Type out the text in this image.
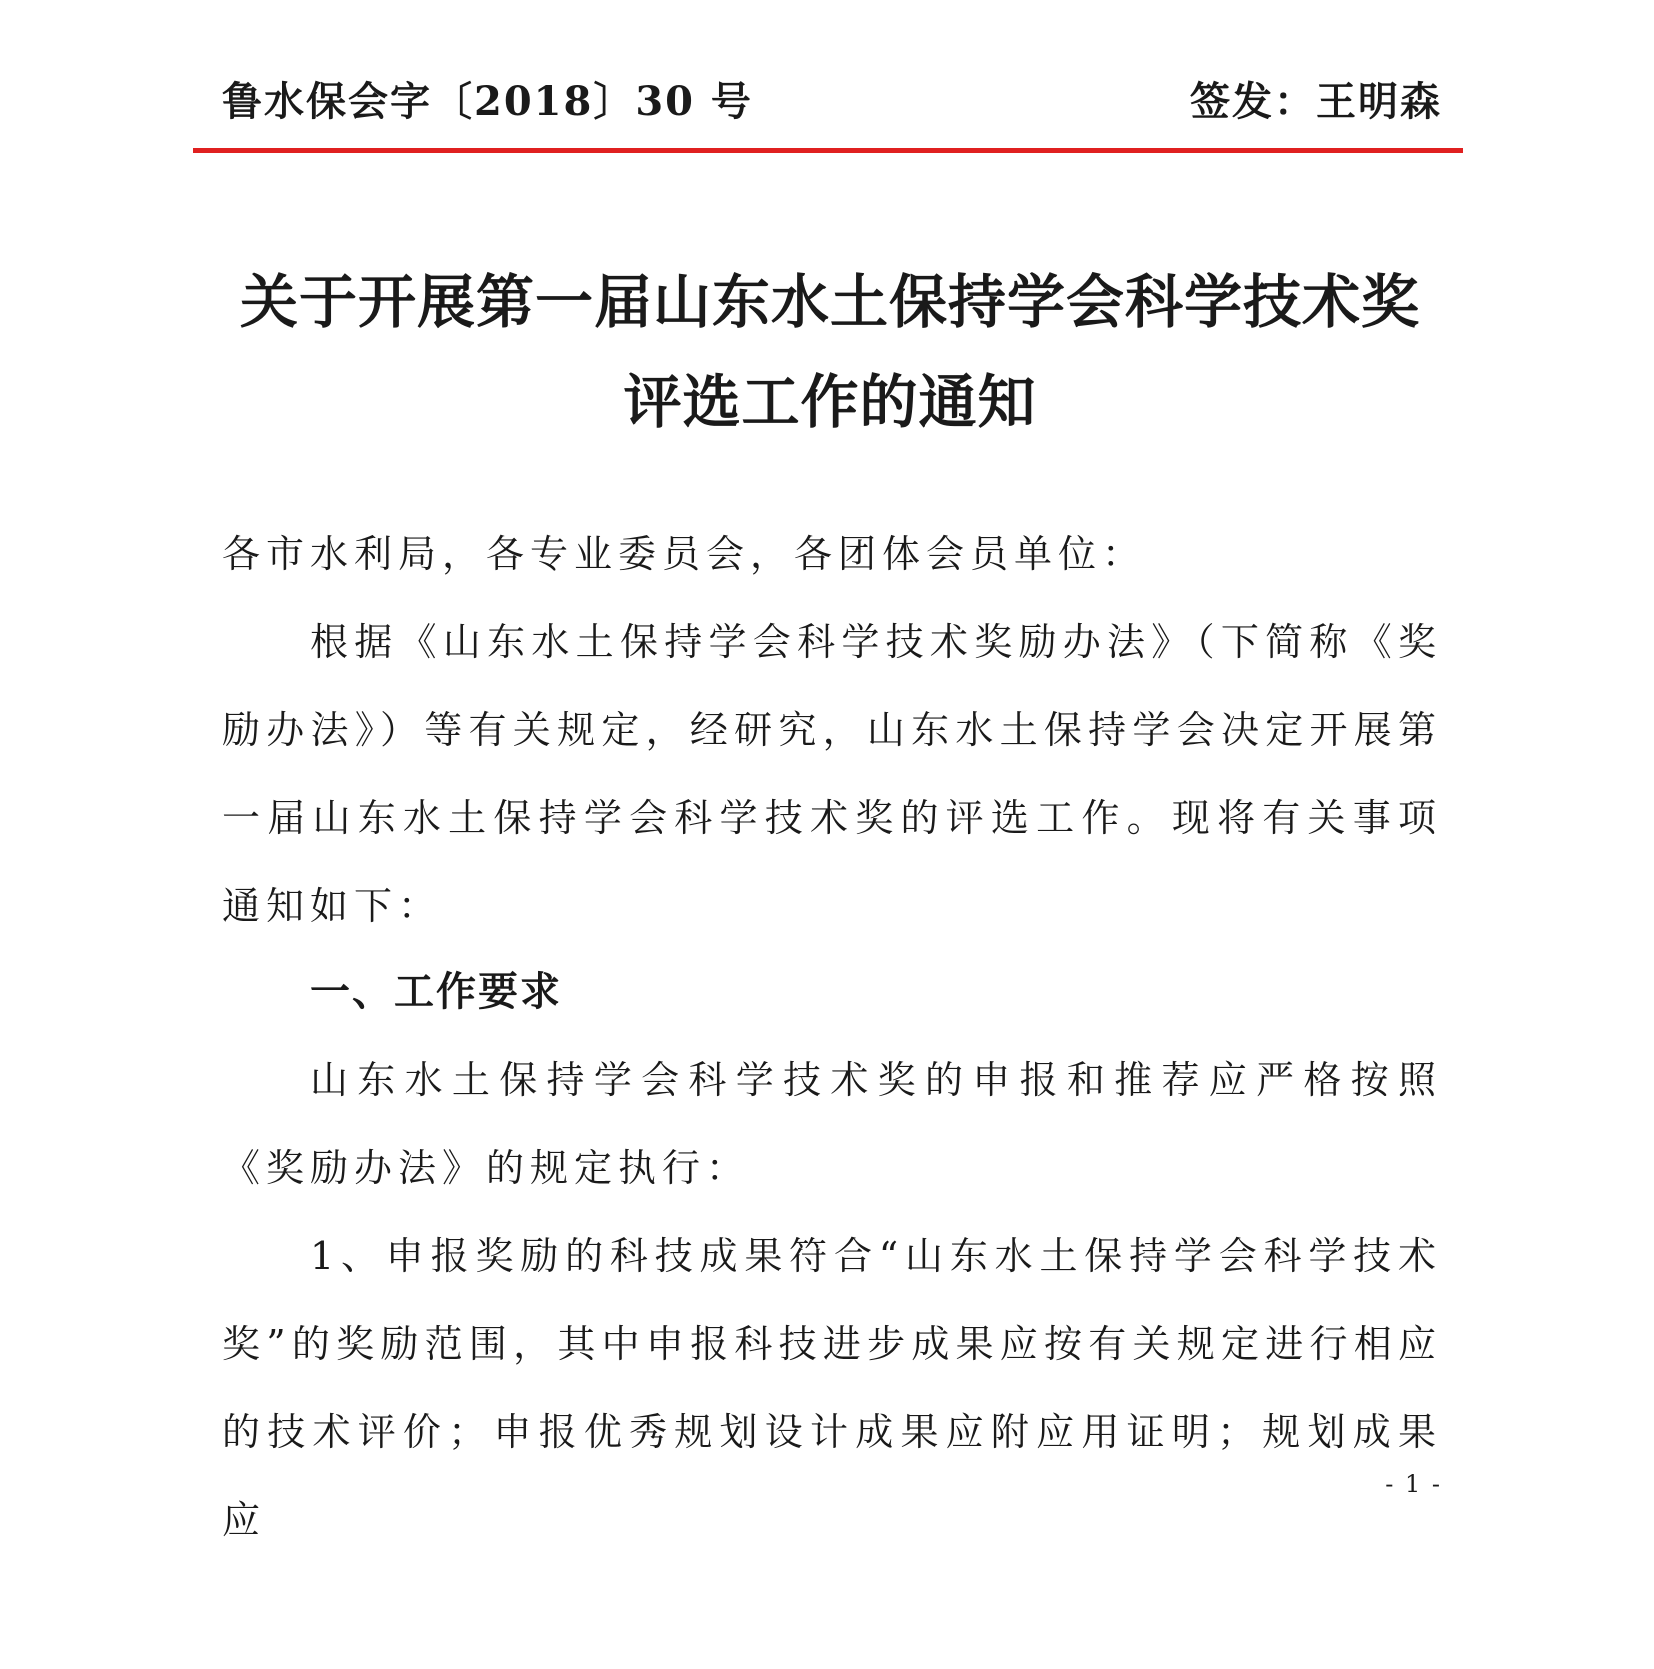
鲁水保会字〔2018〕30 号	签发：王明森
关于开展第一届山东水土保持学会科学技术奖
评选工作的通知
各市水利局，各专业委员会，各团体会员单位：
根据《山东水土保持学会科学技术奖励办法》（下简称《奖励办法》）等有关规定，经研究，山东水土保持学会决定开展第一届山东水土保持学会科学技术奖的评选工作。现将有关事项通知如下：
一、工作要求
山东水土保持学会科学技术奖的申报和推荐应严格按照《奖励办法》的规定执行：
1、申报奖励的科技成果符合“山东水土保持学会科学技术奖”的奖励范围，其中申报科技进步成果应按有关规定进行相应的技术评价；申报优秀规划设计成果应附应用证明；规划成果应
- 1 -
